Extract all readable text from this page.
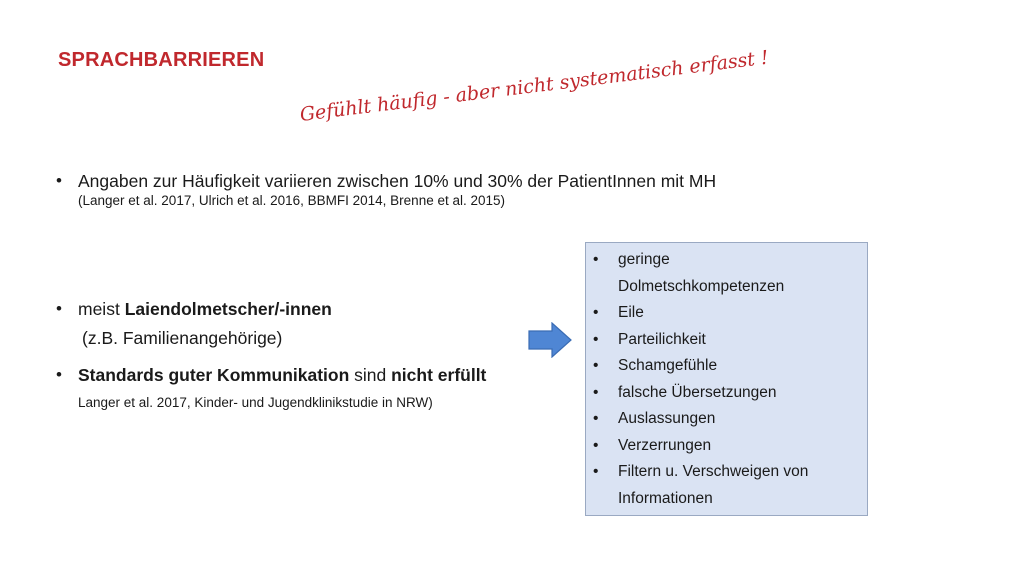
SPRACHBARRIEREN Gefühlt häufig - aber nicht systematisch erfasst !
• Angaben zur Häufigkeit variieren zwischen 10% und 30% der PatientInnen mit MH
(Langer et al. 2017, Ulrich et al. 2016, BBMFI 2014, Brenne et al. 2015)
• meist Laiendolmetscher/-innen
(z.B. Familienangehörige)
• Standards guter Kommunikation sind nicht erfüllt
Langer et al. 2017, Kinder- und Jugendklinikstudie in NRW)
• geringe
Dolmetschkompetenzen
• Eile
• Parteilichkeit
• Schamgefühle
• falsche Übersetzungen
• Auslassungen
• Verzerrungen
• Filtern u. Verschweigen von
Informationen
